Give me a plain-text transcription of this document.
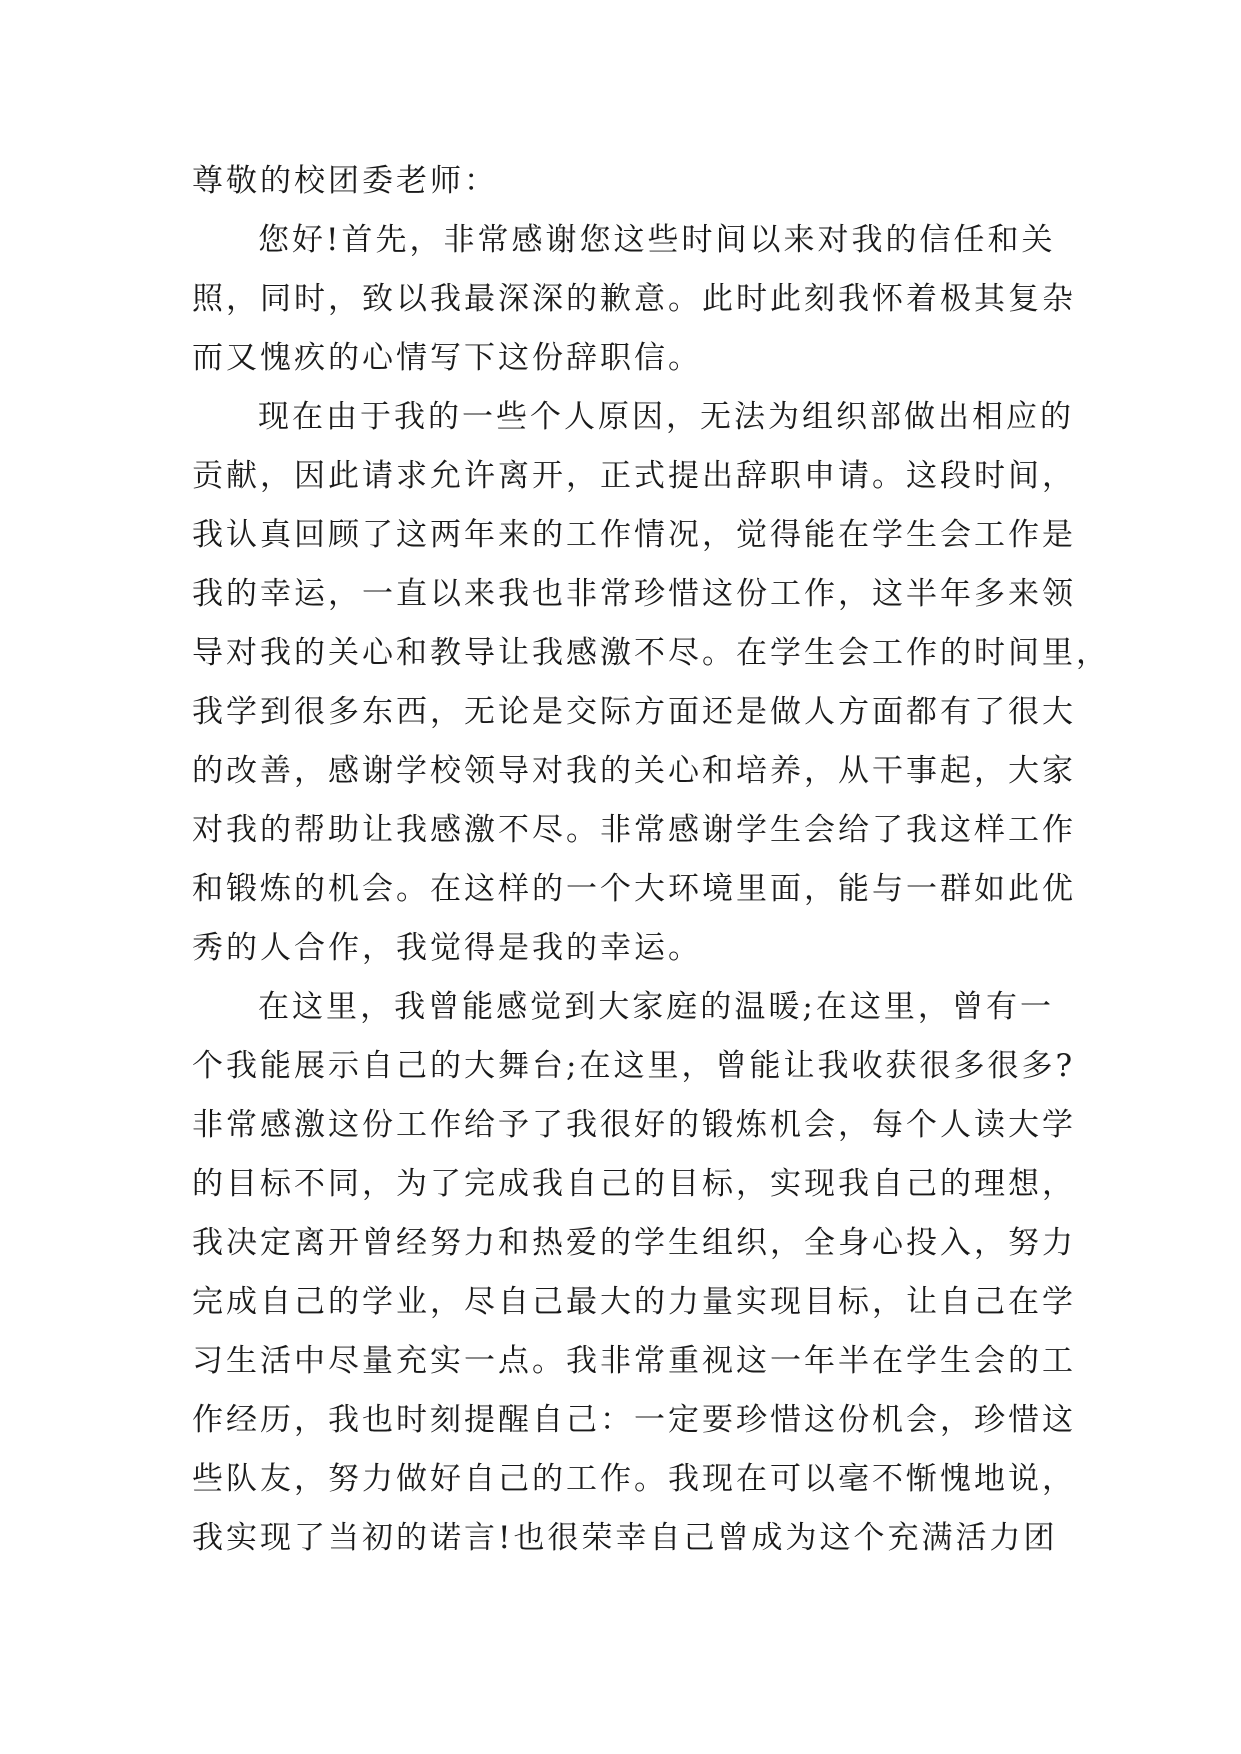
尊敬的校团委老师：
您好!首先，非常感谢您这些时间以来对我的信任和关
照，同时，致以我最深深的歉意。此时此刻我怀着极其复杂
而又愧疚的心情写下这份辞职信。
现在由于我的一些个人原因，无法为组织部做出相应的
贡献，因此请求允许离开，正式提出辞职申请。这段时间，
我认真回顾了这两年来的工作情况，觉得能在学生会工作是
我的幸运，一直以来我也非常珍惜这份工作，这半年多来领
导对我的关心和教导让我感激不尽。在学生会工作的时间里，
我学到很多东西，无论是交际方面还是做人方面都有了很大
的改善，感谢学校领导对我的关心和培养，从干事起，大家
对我的帮助让我感激不尽。非常感谢学生会给了我这样工作
和锻炼的机会。在这样的一个大环境里面，能与一群如此优
秀的人合作，我觉得是我的幸运。
在这里，我曾能感觉到大家庭的温暖;在这里，曾有一
个我能展示自己的大舞台;在这里，曾能让我收获很多很多?
非常感激这份工作给予了我很好的锻炼机会，每个人读大学
的目标不同，为了完成我自己的目标，实现我自己的理想，
我决定离开曾经努力和热爱的学生组织，全身心投入，努力
完成自己的学业，尽自己最大的力量实现目标，让自己在学
习生活中尽量充实一点。我非常重视这一年半在学生会的工
作经历，我也时刻提醒自己：一定要珍惜这份机会，珍惜这
些队友，努力做好自己的工作。我现在可以毫不惭愧地说，
我实现了当初的诺言!也很荣幸自己曾成为这个充满活力团
